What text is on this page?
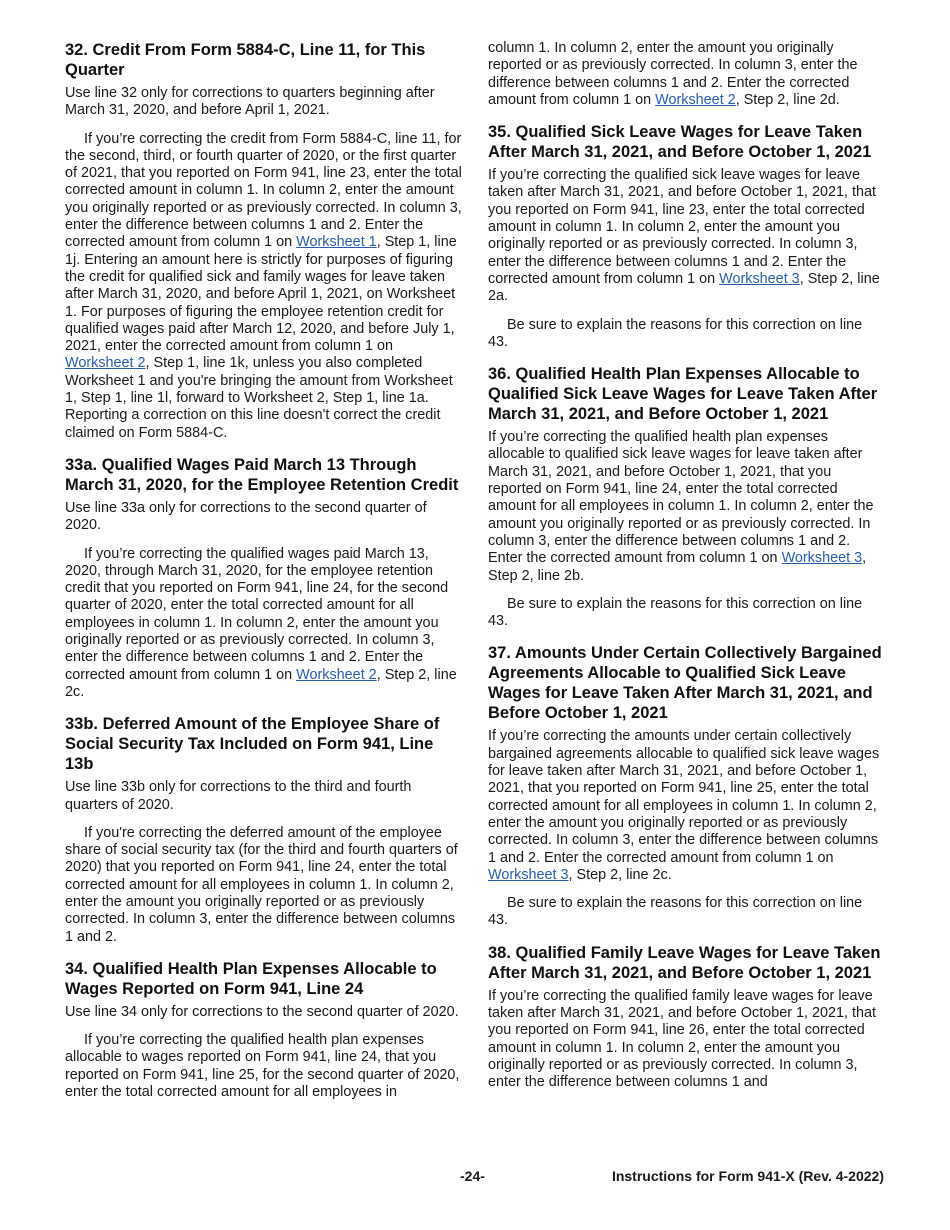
32. Credit From Form 5884-C, Line 11, for This Quarter

Use line 32 only for corrections to quarters beginning after March 31, 2020, and before April 1, 2021.

If you’re correcting the credit from Form 5884-C, line 11, for the second, third, or fourth quarter of 2020, or the first quarter of 2021, that you reported on Form 941, line 23, enter the total corrected amount in column 1. In column 2, enter the amount you originally reported or as previously corrected. In column 3, enter the difference between columns 1 and 2. Enter the corrected amount from column 1 on Worksheet 1, Step 1, line 1j. Entering an amount here is strictly for purposes of figuring the credit for qualified sick and family wages for leave taken after March 31, 2020, and before April 1, 2021, on Worksheet 1. For purposes of figuring the employee retention credit for qualified wages paid after March 12, 2020, and before July 1, 2021, enter the corrected amount from column 1 on Worksheet 2, Step 1, line 1k, unless you also completed Worksheet 1 and you're bringing the amount from Worksheet 1, Step 1, line 1l, forward to Worksheet 2, Step 1, line 1a. Reporting a correction on this line doesn't correct the credit claimed on Form 5884-C.

33a. Qualified Wages Paid March 13 Through March 31, 2020, for the Employee Retention Credit

Use line 33a only for corrections to the second quarter of 2020.

If you’re correcting the qualified wages paid March 13, 2020, through March 31, 2020, for the employee retention credit that you reported on Form 941, line 24, for the second quarter of 2020, enter the total corrected amount for all employees in column 1. In column 2, enter the amount you originally reported or as previously corrected. In column 3, enter the difference between columns 1 and 2. Enter the corrected amount from column 1 on Worksheet 2, Step 2, line 2c.

33b. Deferred Amount of the Employee Share of Social Security Tax Included on Form 941, Line 13b

Use line 33b only for corrections to the third and fourth quarters of 2020.

If you're correcting the deferred amount of the employee share of social security tax (for the third and fourth quarters of 2020) that you reported on Form 941, line 24, enter the total corrected amount for all employees in column 1. In column 2, enter the amount you originally reported or as previously corrected. In column 3, enter the difference between columns 1 and 2.

34. Qualified Health Plan Expenses Allocable to Wages Reported on Form 941, Line 24

Use line 34 only for corrections to the second quarter of 2020.

If you’re correcting the qualified health plan expenses allocable to wages reported on Form 941, line 24, that you reported on Form 941, line 25, for the second quarter of 2020, enter the total corrected amount for all employees in

column 1. In column 2, enter the amount you originally reported or as previously corrected. In column 3, enter the difference between columns 1 and 2. Enter the corrected amount from column 1 on Worksheet 2, Step 2, line 2d.

35. Qualified Sick Leave Wages for Leave Taken After March 31, 2021, and Before October 1, 2021

If you’re correcting the qualified sick leave wages for leave taken after March 31, 2021, and before October 1, 2021, that you reported on Form 941, line 23, enter the total corrected amount in column 1. In column 2, enter the amount you originally reported or as previously corrected. In column 3, enter the difference between columns 1 and 2. Enter the corrected amount from column 1 on Worksheet 3, Step 2, line 2a.

Be sure to explain the reasons for this correction on line 43.

36. Qualified Health Plan Expenses Allocable to Qualified Sick Leave Wages for Leave Taken After March 31, 2021, and Before October 1, 2021

If you’re correcting the qualified health plan expenses allocable to qualified sick leave wages for leave taken after March 31, 2021, and before October 1, 2021, that you reported on Form 941, line 24, enter the total corrected amount for all employees in column 1. In column 2, enter the amount you originally reported or as previously corrected. In column 3, enter the difference between columns 1 and 2. Enter the corrected amount from column 1 on Worksheet 3, Step 2, line 2b.

Be sure to explain the reasons for this correction on line 43.

37. Amounts Under Certain Collectively Bargained Agreements Allocable to Qualified Sick Leave Wages for Leave Taken After March 31, 2021, and Before October 1, 2021

If you’re correcting the amounts under certain collectively bargained agreements allocable to qualified sick leave wages for leave taken after March 31, 2021, and before October 1, 2021, that you reported on Form 941, line 25, enter the total corrected amount for all employees in column 1. In column 2, enter the amount you originally reported or as previously corrected. In column 3, enter the difference between columns 1 and 2. Enter the corrected amount from column 1 on Worksheet 3, Step 2, line 2c.

Be sure to explain the reasons for this correction on line 43.

38. Qualified Family Leave Wages for Leave Taken After March 31, 2021, and Before October 1, 2021

If you’re correcting the qualified family leave wages for leave taken after March 31, 2021, and before October 1, 2021, that you reported on Form 941, line 26, enter the total corrected amount in column 1. In column 2, enter the amount you originally reported or as previously corrected. In column 3, enter the difference between columns 1 and

-24-	Instructions for Form 941-X (Rev. 4-2022)
